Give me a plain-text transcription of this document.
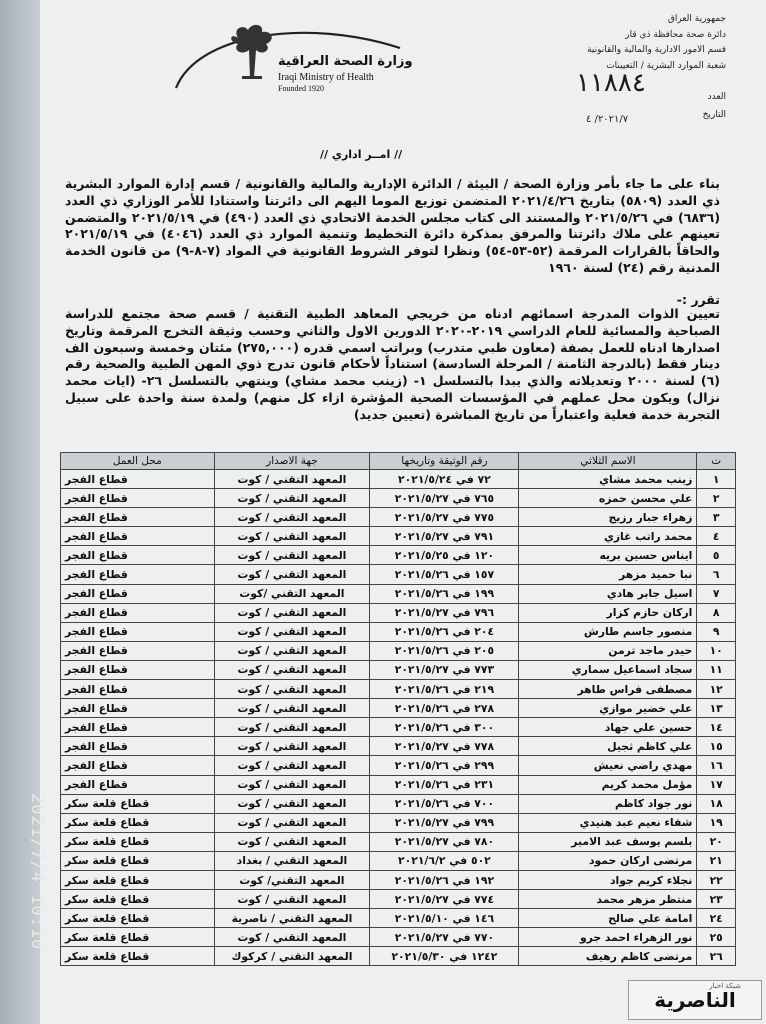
جمهورية العراق
دائرة صحة محافظة ذي قار
قسم الامور الادارية والمالية والقانونية
شعبة الموارد البشرية / التعيينات
١١٨٨٤	العدد
التاريخ
٢٠٢١/٧/ ٤
وزارة الصحة العراقية
Iraqi Ministry of Health
Founded 1920
// امــر اداري //
بناء على ما جاء بأمر وزارة الصحة / البيئة / الدائرة الإدارية والمالية والقانونية / قسم إدارة الموارد البشرية ذي العدد (٥٨٠٩) بتاريخ ٢٠٢١/٤/٢٦ المتضمن توزيع الموما اليهم الى دائرتنا واستنادا للأمر الوزاري ذي العدد (٦٨٣٦) في ٢٠٢١/٥/٢٦ والمستند الى كتاب مجلس الخدمة الاتحادي ذي العدد (٤٩٠) في ٢٠٢١/٥/١٩ والمتضمن تعينهم على ملاك دائرتنا والمرفق بمذكرة دائرة التخطيط وتنمية الموارد ذي العدد (٤٠٤٦) في ٢٠٢١/٥/١٩ والحاقاً بالقرارات المرقمة (٥٢-٥٣-٥٤) ونظرا لتوفر الشروط القانونية في المواد (٧-٨-٩) من قانون الخدمة المدنية رقم (٢٤) لسنة ١٩٦٠
تقرر :-
تعيين الذوات المدرجة اسمائهم ادناه من خريجي المعاهد الطبية التقنية / قسم صحة مجتمع للدراسة الصباحية والمسائية للعام الدراسي ٢٠١٩-٢٠٢٠ الدورين الاول والثاني وحسب وثيقة التخرج المرقمة وتاريخ اصدارها ادناه للعمل بصفة (معاون طبي متدرب) وبراتب اسمي قدره (٢٧٥,٠٠٠) مئتان وخمسة وسبعون الف دينار فقط (بالدرجة الثامنة / المرحلة السادسة) استناداً لأحكام قانون تدرج ذوي المهن الطبية والصحية رقم (٦) لسنة ٢٠٠٠ وتعديلاته والذي يبدا بالتسلسل ١- (زينب محمد مشاي) وينتهي بالتسلسل ٢٦- (ايات محمد نزال) ويكون محل عملهم في المؤسسات الصحية المؤشرة ازاء كل منهم) ولمدة سنة واحدة على سبيل التجربة خدمة فعلية واعتباراً من تاريخ المباشرة (تعيين جديد)
ت	الاسم الثلاثي	رقم الوثيقة وتاريخها	جهة الاصدار	محل العمل
١	زينب محمد مشاي	٧٢ في ٢٠٢١/٥/٢٤	المعهد التقني / كوت	قطاع الفجر
٢	علي محسن حمزه	٧٦٥ في ٢٠٢١/٥/٢٧	المعهد التقني / كوت	قطاع الفجر
٣	زهراء جبار رزيج	٧٧٥ في ٢٠٢١/٥/٢٧	المعهد التقني / كوت	قطاع الفجر
٤	محمد راتب غازي	٧٩١ في ٢٠٢١/٥/٢٧	المعهد التقني / كوت	قطاع الفجر
٥	ايناس حسين بريه	١٢٠ في ٢٠٢١/٥/٢٥	المعهد التقني / كوت	قطاع الفجر
٦	نبا حميد مزهر	١٥٧ في ٢٠٢١/٥/٢٦	المعهد التقني / كوت	قطاع الفجر
٧	اسيل جابر هادي	١٩٩ في ٢٠٢١/٥/٢٦	المعهد التقني /كوت	قطاع الفجر
٨	اركان حازم كزار	٧٩٦ في ٢٠٢١/٥/٢٧	المعهد التقني / كوت	قطاع الفجر
٩	منصور جاسم طارش	٢٠٤ في ٢٠٢١/٥/٢٦	المعهد التقني / كوت	قطاع الفجر
١٠	حيدر ماجد ترمن	٢٠٥ في ٢٠٢١/٥/٢٦	المعهد التقني / كوت	قطاع الفجر
١١	سجاد اسماعيل سماري	٧٧٣ في ٢٠٢١/٥/٢٧	المعهد التقني / كوت	قطاع الفجر
١٢	مصطفى فراس طاهر	٢١٩ في ٢٠٢١/٥/٢٦	المعهد التقني / كوت	قطاع الفجر
١٣	علي خضير موازي	٢٧٨ في ٢٠٢١/٥/٢٦	المعهد التقني / كوت	قطاع الفجر
١٤	حسين علي جهاد	٣٠٠ في ٢٠٢١/٥/٢٦	المعهد التقني / كوت	قطاع الفجر
١٥	علي كاظم ثجيل	٧٧٨ في ٢٠٢١/٥/٢٧	المعهد التقني / كوت	قطاع الفجر
١٦	مهدي راضي نعيش	٢٩٩ في ٢٠٢١/٥/٢٦	المعهد التقني / كوت	قطاع الفجر
١٧	مؤمل محمد كريم	٢٣١ في ٢٠٢١/٥/٢٦	المعهد التقني / كوت	قطاع الفجر
١٨	نور جواد كاظم	٧٠٠ في ٢٠٢١/٥/٢٦	المعهد التقني / كوت	قطاع قلعة سكر
١٩	شفاء نعيم عبد هنيدي	٧٩٩ في ٢٠٢١/٥/٢٧	المعهد التقني / كوت	قطاع قلعة سكر
٢٠	بلسم يوسف عبد الامير	٧٨٠ في ٢٠٢١/٥/٢٧	المعهد التقني / كوت	قطاع قلعة سكر
٢١	مرتضى اركان حمود	٥٠٢ في ٢٠٢١/٦/٢	المعهد التقني / بغداد	قطاع قلعة سكر
٢٢	نجلاء كريم جواد	١٩٢ في ٢٠٢١/٥/٢٦	المعهد التقني/ كوت	قطاع قلعة سكر
٢٣	منتظر مزهر محمد	٧٧٤ في ٢٠٢١/٥/٢٧	المعهد التقني / كوت	قطاع قلعة سكر
٢٤	امامة علي صالح	١٤٦ في ٢٠٢١/٥/١٠	المعهد التقني / ناصرية	قطاع قلعة سكر
٢٥	نور الزهراء احمد جرو	٧٧٠ في ٢٠٢١/٥/٢٧	المعهد التقني / كوت	قطاع قلعة سكر
٢٦	مرتضى كاظم رهيف	١٢٤٢ في ٢٠٢١/٥/٣٠	المعهد التقني / كركوك	قطاع قلعة سكر
2021/7/4 10:10
شبكة اخبار
الناصرية
